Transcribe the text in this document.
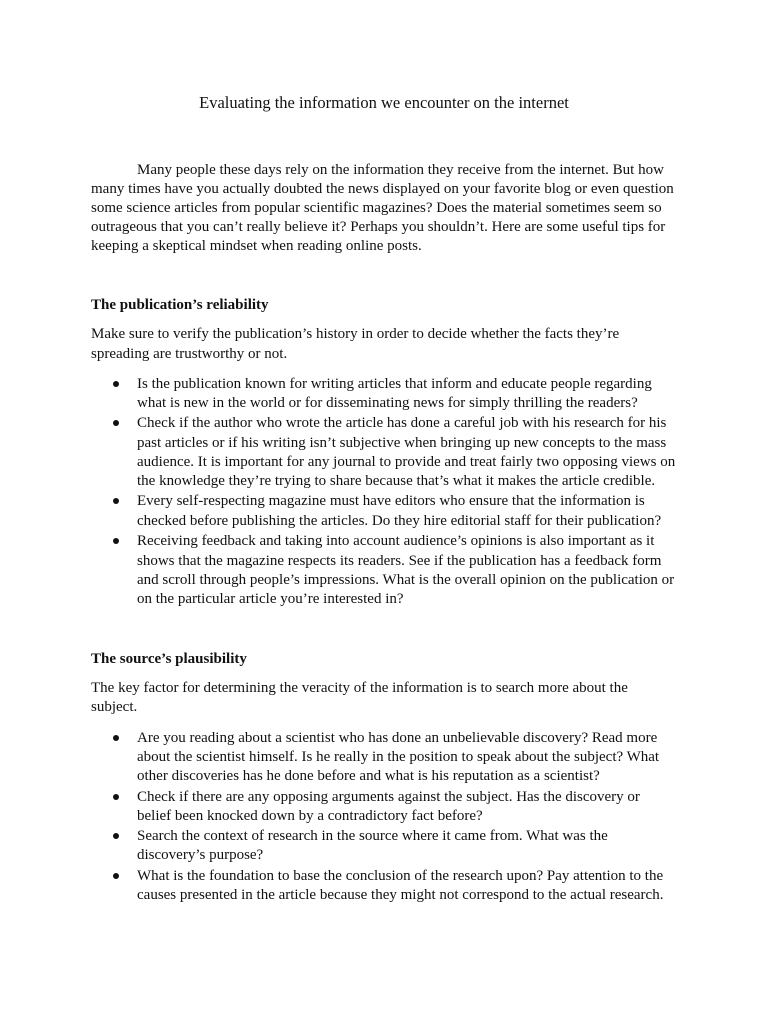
Evaluating the information we encounter on the internet
Many people these days rely on the information they receive from the internet. But how
many times have you actually doubted the news displayed on your favorite blog or even question
some science articles from popular scientific magazines? Does the material sometimes seem so
outrageous that you can’t really believe it? Perhaps you shouldn’t. Here are some useful tips for
keeping a skeptical mindset when reading online posts.
The publication’s reliability
Make sure to verify the publication’s history in order to decide whether the facts they’re
spreading are trustworthy or not.
Is the publication known for writing articles that inform and educate people regarding
what is new in the world or for disseminating news for simply thrilling the readers?
Check if the author who wrote the article has done a careful job with his research for his
past articles or if his writing isn’t subjective when bringing up new concepts to the mass
audience. It is important for any journal to provide and treat fairly two opposing views on
the knowledge they’re trying to share because that’s what it makes the article credible.
Every self-respecting magazine must have editors who ensure that the information is
checked before publishing the articles. Do they hire editorial staff for their publication?
Receiving feedback and taking into account audience’s opinions is also important as it
shows that the magazine respects its readers. See if the publication has a feedback form
and scroll through people’s impressions. What is the overall opinion on the publication or
on the particular article you’re interested in?
The source’s plausibility
The key factor for determining the veracity of the information is to search more about the
subject.
Are you reading about a scientist who has done an unbelievable discovery? Read more
about the scientist himself. Is he really in the position to speak about the subject? What
other discoveries has he done before and what is his reputation as a scientist?
Check if there are any opposing arguments against the subject. Has the discovery or
belief been knocked down by a contradictory fact before?
Search the context of research in the source where it came from. What was the
discovery’s purpose?
What is the foundation to base the conclusion of the research upon? Pay attention to the
causes presented in the article because they might not correspond to the actual research.
